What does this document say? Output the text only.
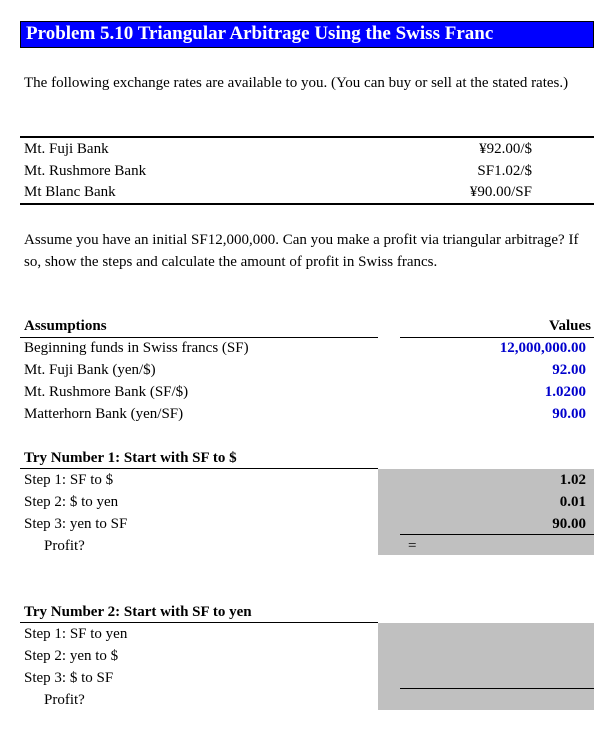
Problem 5.10 Triangular Arbitrage Using the Swiss Franc
The following exchange rates are available to you. (You can buy or sell at the stated rates.)
Mt. Fuji Bank	¥92.00/$
Mt. Rushmore Bank	SF1.02/$
Mt Blanc Bank	¥90.00/SF
Assume you have an initial SF12,000,000. Can you make a profit via triangular arbitrage? If so, show the steps and calculate the amount of profit in Swiss francs.
Assumptions	Values
Beginning funds in Swiss francs (SF)	12,000,000.00
Mt. Fuji Bank (yen/$)	92.00
Mt. Rushmore Bank (SF/$)	1.0200
Matterhorn Bank (yen/SF)	90.00
Try Number 1: Start with SF to $
Step 1: SF to $	1.02
Step 2: $ to yen	0.01
Step 3: yen to SF	90.00
Profit?	=
Try Number 2: Start with SF to yen
Step 1: SF to yen
Step 2: yen to $
Step 3: $ to SF
Profit?
